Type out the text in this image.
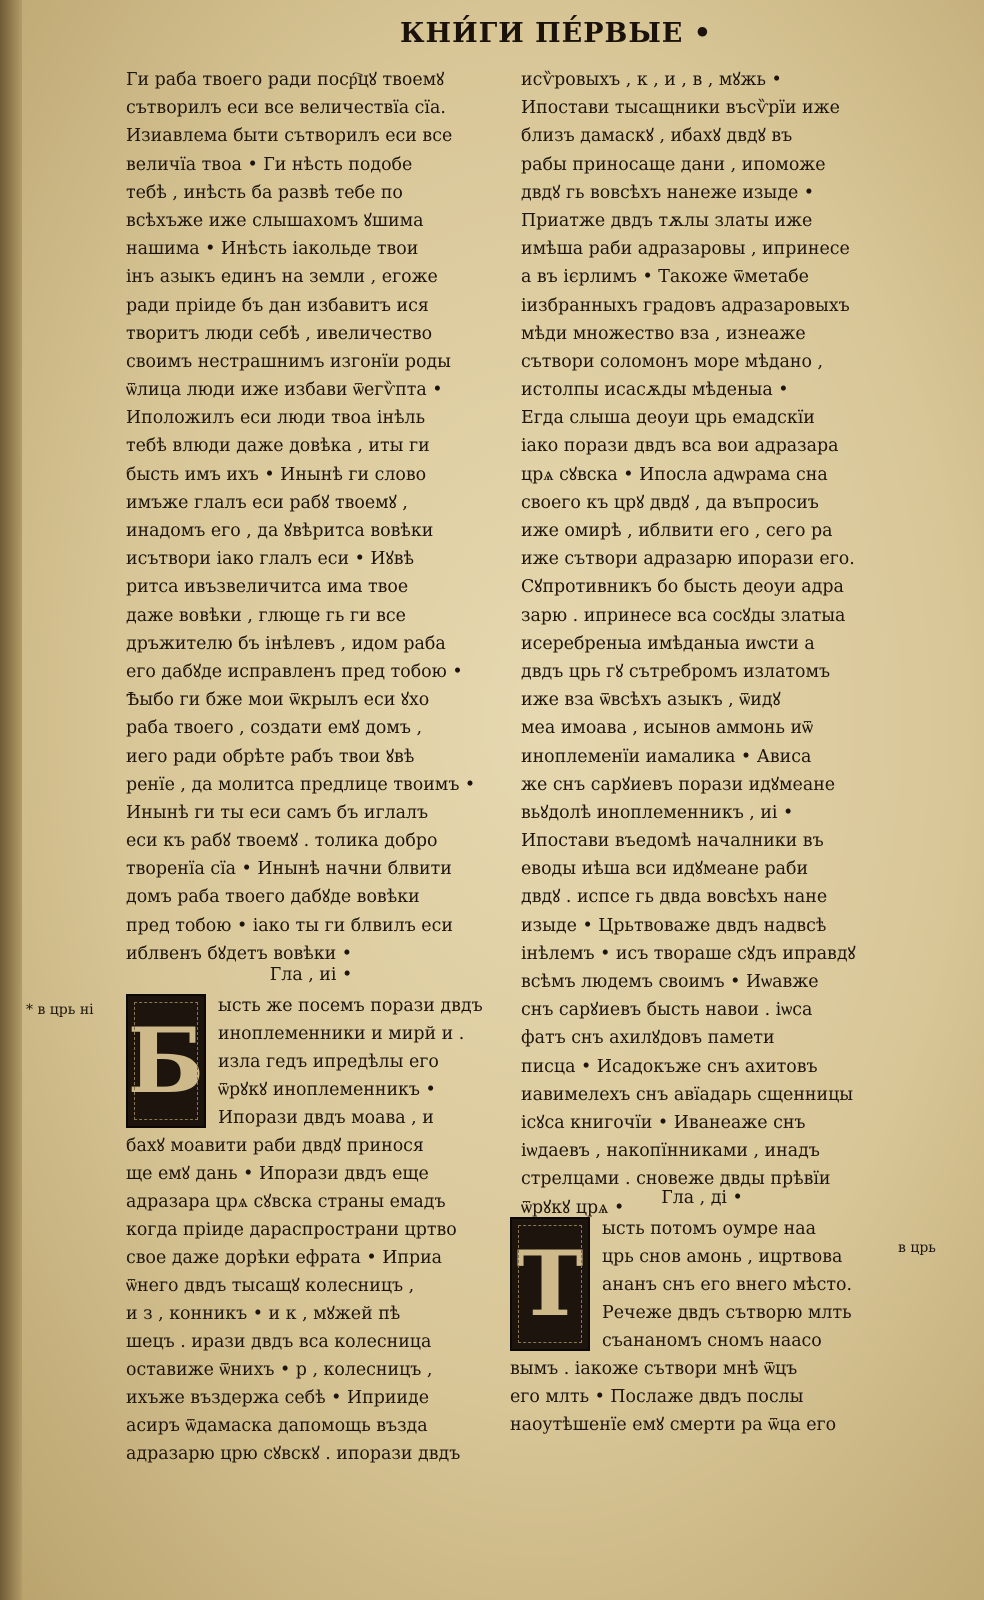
КНИ́ГИ ПЕ́РВЫЕ •
Ги раба твоего ради поср҇цꙋ твоемꙋ
сътворилъ еси все величествїа сїа.
Изиавлема быти сътворилъ еси все
величїа твоа • Ги нѣсть подобе
тебѣ , инѣсть ба развѣ тебе по
всѣхъже иже слышахомъ ꙋшима
нашима • Инѣсть іакольде твои
інъ азыкъ единъ на земли , егоже
ради пріиде бъ дан избавитъ ися
творитъ люди себѣ , ивеличество
своимъ нестрашнимъ изгонїи роды
ѿлица люди иже избави ѿегѷпта •
Иположилъ еси люди твоа інѣль
тебѣ влюди даже довѣка , иты ги
бысть имъ ихъ • Инынѣ ги слово
имъже глалъ еси рабꙋ твоемꙋ ,
инадомъ его , да ꙋвѣритса вовѣки
исътвори іако глалъ еси • Иꙋвѣ
ритса ивъзвеличитса има твое
даже вовѣки , глюще гь ги все
дръжителю бъ інѣлевъ , идом раба
его дабꙋде исправленъ пред тобою •
Ѣыбо ги бже мои ѿкрылъ еси ꙋхо
раба твоего , создати емꙋ домъ ,
иего ради обрѣте рабъ твои ꙋвѣ
ренїе , да молитса предлице твоимъ •
Инынѣ ги ты еси самъ бъ иглалъ
еси къ рабꙋ твоемꙋ . толика добро
творенїа сїа • Инынѣ начни блвити
домъ раба твоего дабꙋде вовѣки
пред тобою • іако ты ги блвилъ еси
иблвенъ бꙋдетъ вовѣки •
Гла , иі •
Б
ысть же посемъ порази двдъ
иноплеменники и мирй и .
изла гедъ ипредѣлы его
ѿрꙋкꙋ иноплеменникъ •
Ипорази двдъ моава , и
бахꙋ моавити раби двдꙋ принося
ще емꙋ дань • Ипорази двдъ еще
адразара црѧ сꙋвска страны емадъ
когда пріиде дараспространи цртво
свое даже дорѣки ефрата • Иприа
ѿнего двдъ тысащꙋ колесницъ ,
и з , конникъ • и к , мꙋжей пѣ
шецъ . ирази двдъ вса колесница
оставиже ѿнихъ • р , колесницъ ,
ихъже въздержа себѣ • Иприиде
асиръ ѿдамаска дапомощь възда
адразарю црю сꙋвскꙋ . ипорази двдъ
исѷровыхъ , к , и , в , мꙋжь •
Ипостави тысащники въсѷрїи иже
близъ дамаскꙋ , ибахꙋ двдꙋ въ
рабы приносаще дани , ипоможе
двдꙋ гь вовсѣхъ нанеже изыде •
Приатже двдъ тѫлы златы иже
имѣша раби адразаровы , ипринесе
а въ ієрлимъ • Такоже ѿметабе
іизбранныхъ градовъ адразаровыхъ
мѣди множество вза , изнеаже
сътвори соломонъ море мѣдано ,
истолпы исасѫды мѣденыа •
Егда слыша деоуи црь емадскїи
іако порази двдъ вса вои адразара
црѧ сꙋвска • Ипосла адѡрама сна
своего къ црꙋ двдꙋ , да въпросиъ
иже омирѣ , иблвити его , сего ра
иже сътвори адразарю ипорази его.
Сꙋпротивникъ бо бысть деоуи адра
зарю . ипринесе вса сосꙋды златыа
исеребреныа имѣданыа иѡсти а
двдъ црь гꙋ сътребромъ излатомъ
иже вза ѿвсѣхъ азыкъ , ѿидꙋ
меа имоава , исынов аммонь иѿ
иноплеменїи иамалика • Ависа
же снъ сарꙋиевъ порази идꙋмеане
вьꙋдолѣ иноплеменникъ , иі •
Ипостави въедомѣ началники въ
еводы иѣша вси идꙋмеане раби
двдꙋ . испсе гь двда вовсѣхъ нане
изыде • Црьтвоваже двдъ надвсѣ
інѣлемъ • исъ твораше сꙋдъ иправдꙋ
всѣмъ людемъ своимъ • Иѡавже
снъ сарꙋиевъ бысть навои . іѡса
фатъ снъ ахилꙋдовъ памети
писца • Исадокъже снъ ахитовъ
иавимелехъ снъ авїадарь сщенницы
ісꙋса книгочїи • Иванеаже снъ
іѡдаевъ , накопїнниками , инадъ
стрелцами . сновеже двды прѣвїи
ѿрꙋкꙋ црѧ •	Гла , ді •
Т
ысть потомъ оумре наа
црь снов амонь , ицртвова
ананъ снъ его внего мѣсто.
Речеже двдъ сътворю млть
съананомъ сномъ наасо
вымъ . іакоже сътвори мнѣ ѿцъ
его млть • Послаже двдъ послы
наоутѣшенїе емꙋ смерти ра ѿца его
* в црь ні
в црь
